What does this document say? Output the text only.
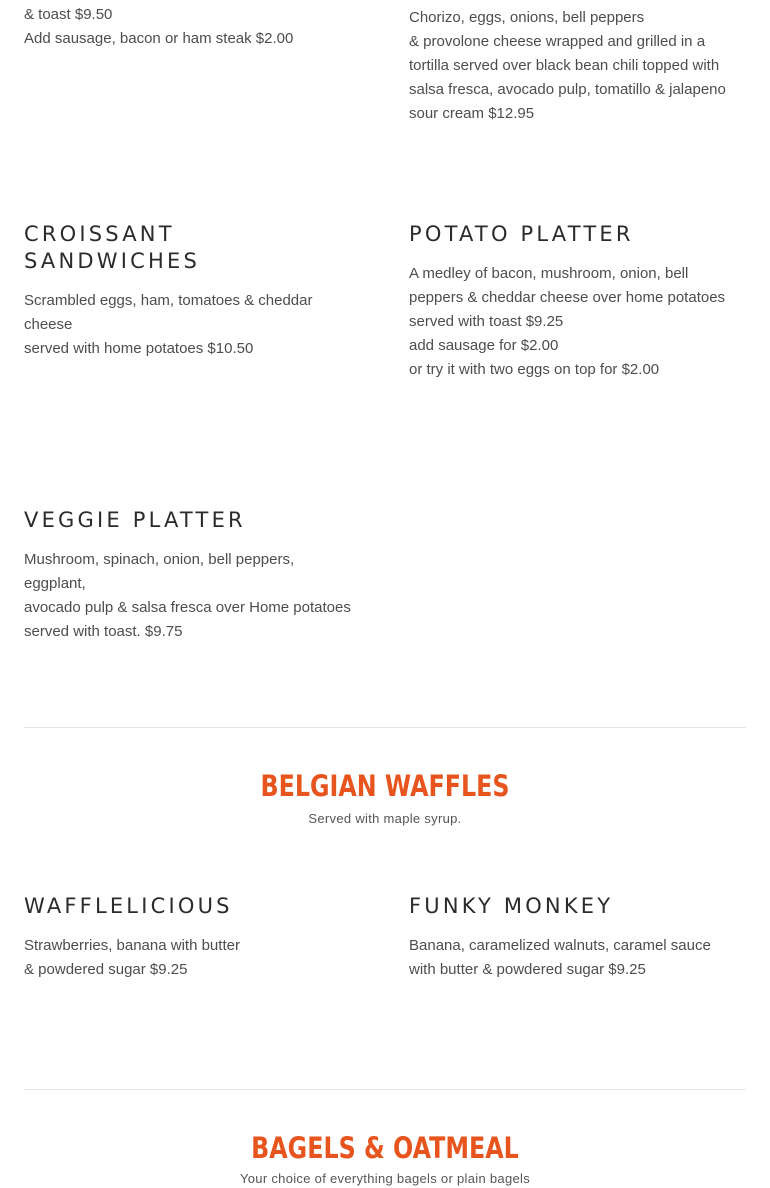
& toast $9.50
Add sausage, bacon or ham steak $2.00
Chorizo, eggs, onions, bell peppers
& provolone cheese wrapped and grilled in a
tortilla served over black bean chili topped with
salsa fresca, avocado pulp, tomatillo & jalapeno
sour cream $12.95
CROISSANT
SANDWICHES
Scrambled eggs, ham, tomatoes & cheddar
cheese
served with home potatoes $10.50
POTATO PLATTER
A medley of bacon, mushroom, onion, bell
peppers & cheddar cheese over home potatoes
served with toast $9.25
add sausage for $2.00
or try it with two eggs on top for $2.00
VEGGIE PLATTER
Mushroom, spinach, onion, bell peppers,
eggplant,
avocado pulp & salsa fresca over Home potatoes
served with toast. $9.75
BELGIAN WAFFLES
Served with maple syrup.
WAFFLELICIOUS
Strawberries, banana with butter
& powdered sugar $9.25
FUNKY MONKEY
Banana, caramelized walnuts, caramel sauce
with butter & powdered sugar $9.25
BAGELS & OATMEAL
Your choice of everything bagels or plain bagels
